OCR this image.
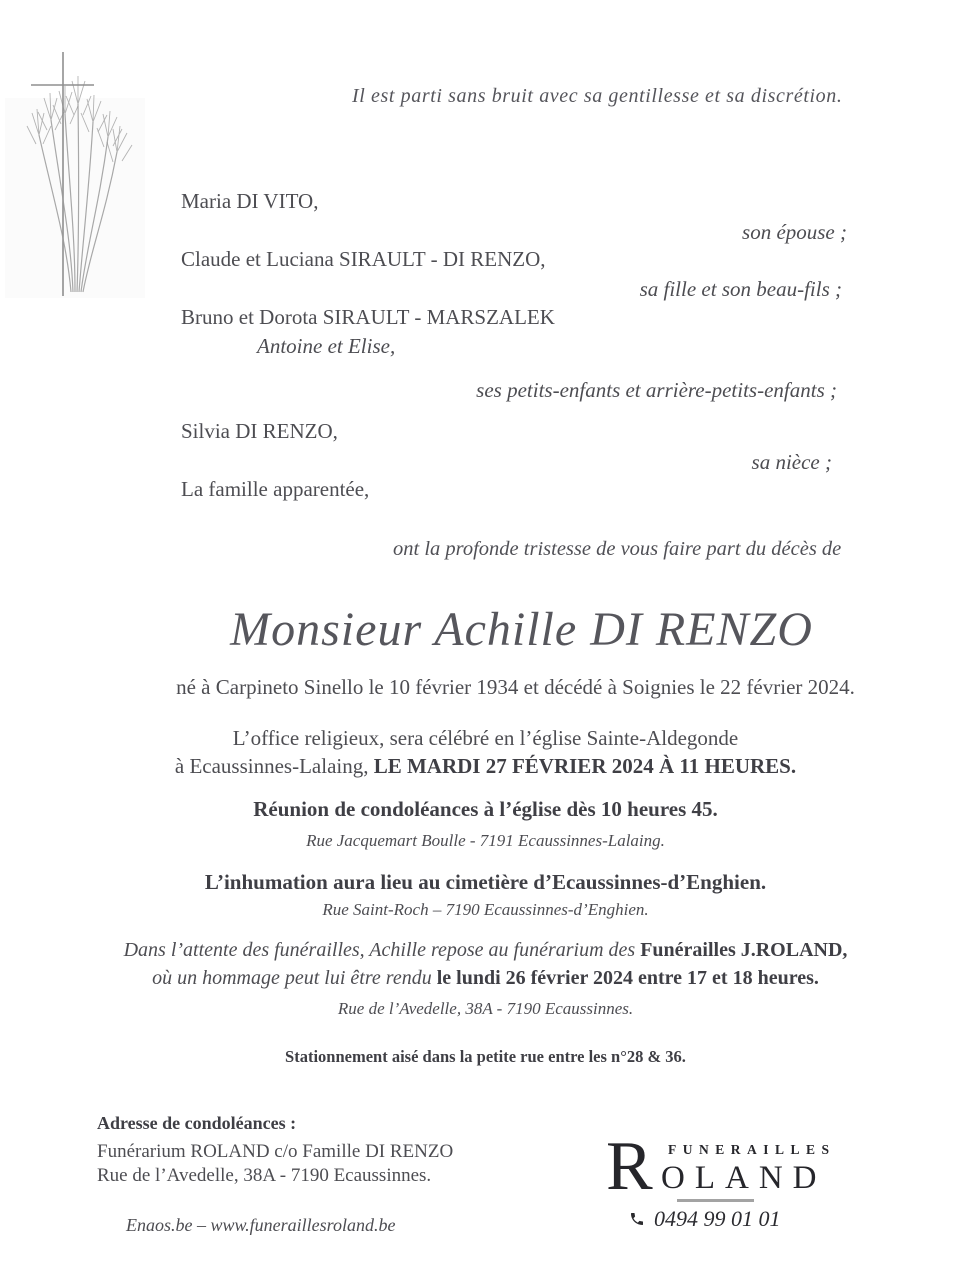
Il est parti sans bruit avec sa gentillesse et sa discrétion.
Maria DI VITO,
son épouse ;
Claude et Luciana SIRAULT - DI RENZO,
sa fille et son beau-fils ;
Bruno et Dorota SIRAULT - MARSZALEK
Antoine et Elise,
ses petits-enfants et arrière-petits-enfants ;
Silvia DI RENZO,
sa nièce ;
La famille apparentée,
ont la profonde tristesse de vous faire part du décès de
Monsieur Achille DI RENZO
né à Carpineto Sinello le 10 février 1934 et décédé à Soignies le 22 février 2024.
L’office religieux, sera célébré en l’église Sainte-Aldegonde
à Ecaussinnes-Lalaing, LE MARDI 27 FÉVRIER 2024 À 11 HEURES.
Réunion de condoléances à l’église dès 10 heures 45.
Rue Jacquemart Boulle - 7191 Ecaussinnes-Lalaing.
L’inhumation aura lieu au cimetière d’Ecaussinnes-d’Enghien.
Rue Saint-Roch – 7190 Ecaussinnes-d’Enghien.
Dans l’attente des funérailles, Achille repose au funérarium des Funérailles J.ROLAND,
où un hommage peut lui être rendu le lundi 26 février 2024 entre 17 et 18 heures.
Rue de l’Avedelle, 38A - 7190 Ecaussinnes.
Stationnement aisé dans la petite rue entre les n°28 & 36.
Adresse de condoléances :
Funérarium ROLAND c/o Famille DI RENZO
Rue de l’Avedelle, 38A - 7190 Ecaussinnes.
Enaos.be – www.funeraillesroland.be
FUNERAILLES
R OLAND
0494 99 01 01
